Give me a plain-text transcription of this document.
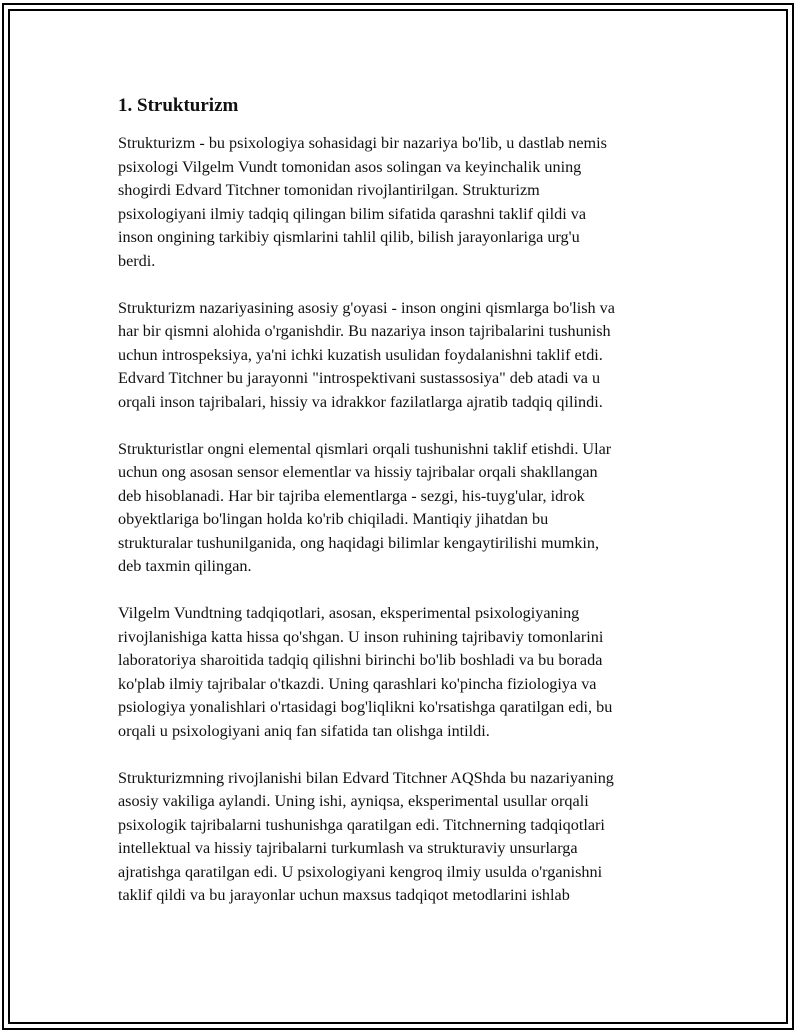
1. Strukturizm
Strukturizm - bu psixologiya sohasidagi bir nazariya bo'lib, u dastlab nemis
psixologi Vilgelm Vundt tomonidan asos solingan va keyinchalik uning
shogirdi Edvard Titchner tomonidan rivojlantirilgan. Strukturizm
psixologiyani ilmiy tadqiq qilingan bilim sifatida qarashni taklif qildi va
inson ongining tarkibiy qismlarini tahlil qilib, bilish jarayonlariga urg'u
berdi.
Strukturizm nazariyasining asosiy g'oyasi - inson ongini qismlarga bo'lish va
har bir qismni alohida o'rganishdir. Bu nazariya inson tajribalarini tushunish
uchun introspeksiya, ya'ni ichki kuzatish usulidan foydalanishni taklif etdi.
Edvard Titchner bu jarayonni "introspektivani sustassosiya" deb atadi va u
orqali inson tajribalari, hissiy va idrakkor fazilatlarga ajratib tadqiq qilindi.
Strukturistlar ongni elemental qismlari orqali tushunishni taklif etishdi. Ular
uchun ong asosan sensor elementlar va hissiy tajribalar orqali shakllangan
deb hisoblanadi. Har bir tajriba elementlarga - sezgi, his-tuyg'ular, idrok
obyektlariga bo'lingan holda ko'rib chiqiladi. Mantiqiy jihatdan bu
strukturalar tushunilganida, ong haqidagi bilimlar kengaytirilishi mumkin,
deb taxmin qilingan.
Vilgelm Vundtning tadqiqotlari, asosan, eksperimental psixologiyaning
rivojlanishiga katta hissa qo'shgan. U inson ruhining tajribaviy tomonlarini
laboratoriya sharoitida tadqiq qilishni birinchi bo'lib boshladi va bu borada
ko'plab ilmiy tajribalar o'tkazdi. Uning qarashlari ko'pincha fiziologiya va
psiologiya yonalishlari o'rtasidagi bog'liqlikni ko'rsatishga qaratilgan edi, bu
orqali u psixologiyani aniq fan sifatida tan olishga intildi.
Strukturizmning rivojlanishi bilan Edvard Titchner AQShda bu nazariyaning
asosiy vakiliga aylandi. Uning ishi, ayniqsa, eksperimental usullar orqali
psixologik tajribalarni tushunishga qaratilgan edi. Titchnerning tadqiqotlari
intellektual va hissiy tajribalarni turkumlash va strukturaviy unsurlarga
ajratishga qaratilgan edi. U psixologiyani kengroq ilmiy usulda o'rganishni
taklif qildi va bu jarayonlar uchun maxsus tadqiqot metodlarini ishlab
